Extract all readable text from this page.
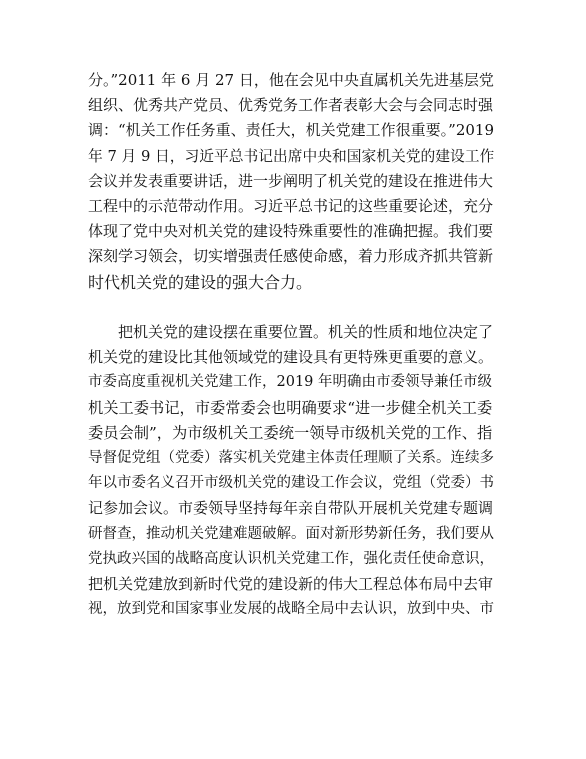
分。”2011 年 6 月 27 日，他在会见中央直属机关先进基层党
组织、优秀共产党员、优秀党务工作者表彰大会与会同志时强
调：“机关工作任务重、责任大，机关党建工作很重要。”2019
年 7 月 9 日，习近平总书记出席中央和国家机关党的建设工作
会议并发表重要讲话，进一步阐明了机关党的建设在推进伟大
工程中的示范带动作用。习近平总书记的这些重要论述，充分
体现了党中央对机关党的建设特殊重要性的准确把握。我们要
深刻学习领会，切实增强责任感使命感，着力形成齐抓共管新
时代机关党的建设的强大合力。
　　把机关党的建设摆在重要位置。机关的性质和地位决定了
机关党的建设比其他领域党的建设具有更特殊更重要的意义。
市委高度重视机关党建工作，2019 年明确由市委领导兼任市级
机关工委书记，市委常委会也明确要求“进一步健全机关工委
委员会制”，为市级机关工委统一领导市级机关党的工作、指
导督促党组（党委）落实机关党建主体责任理顺了关系。连续多
年以市委名义召开市级机关党的建设工作会议，党组（党委）书
记参加会议。市委领导坚持每年亲自带队开展机关党建专题调
研督查，推动机关党建难题破解。面对新形势新任务，我们要从
党执政兴国的战略高度认识机关党建工作，强化责任使命意识，
把机关党建放到新时代党的建设新的伟大工程总体布局中去审
视，放到党和国家事业发展的战略全局中去认识，放到中央、市
